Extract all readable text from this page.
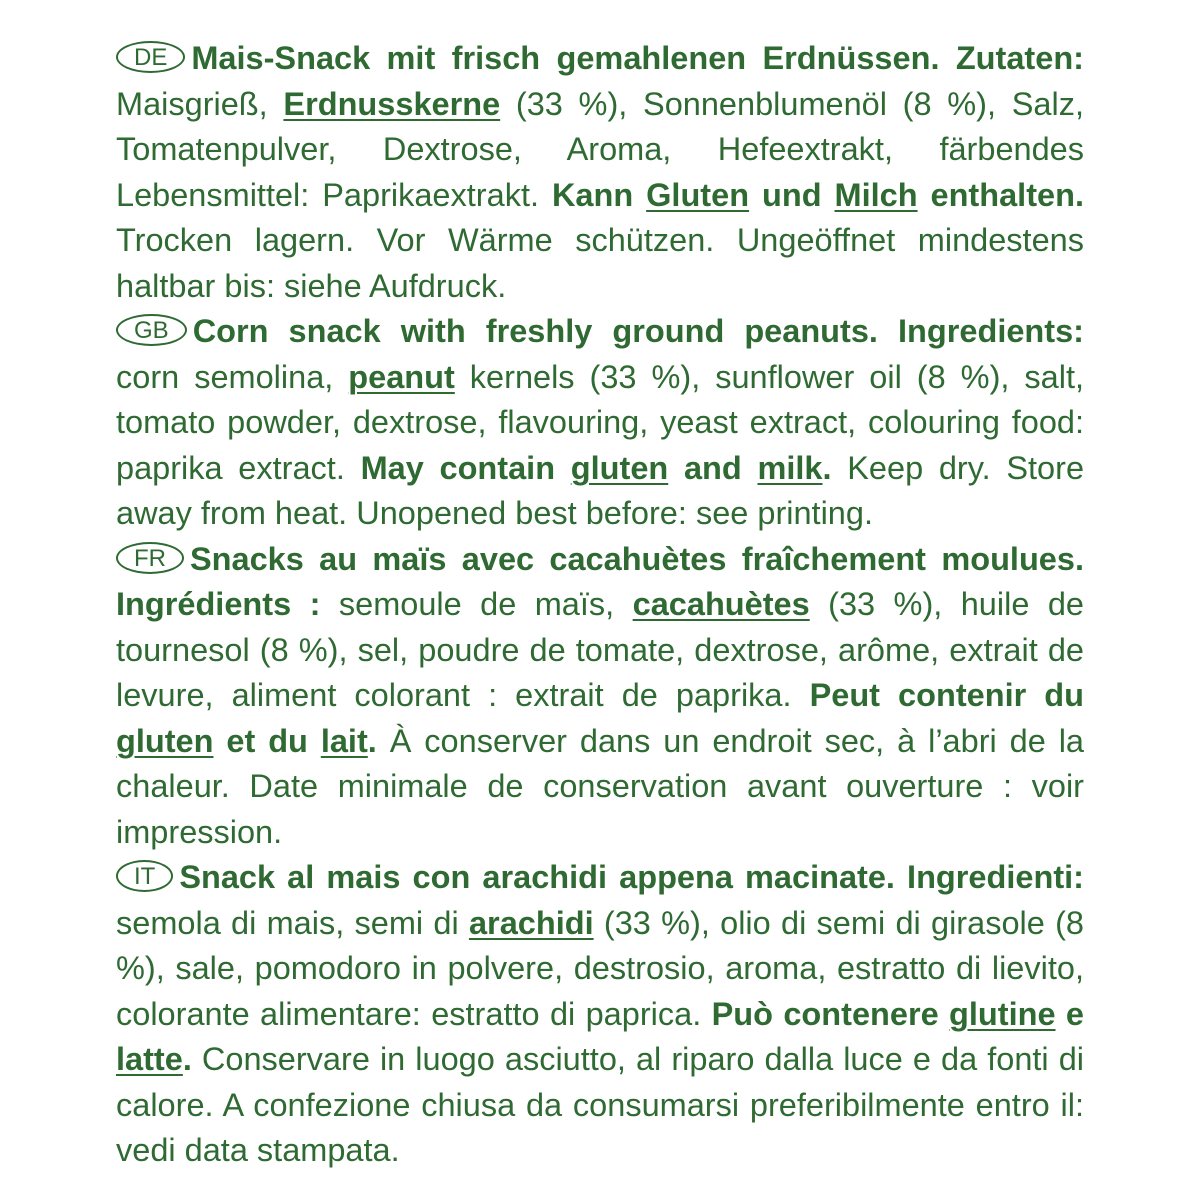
DE Mais-Snack mit frisch gemahlenen Erdnüssen. Zutaten: Maisgrieß, Erdnusskerne (33 %), Sonnenblumenöl (8 %), Salz, Tomatenpulver, Dextrose, Aroma, Hefeextrakt, färbendes Lebensmittel: Paprikaextrakt. Kann Gluten und Milch enthalten. Trocken lagern. Vor Wärme schützen. Ungeöffnet mindestens haltbar bis: siehe Aufdruck.

GB Corn snack with freshly ground peanuts. Ingredients: corn semolina, peanut kernels (33 %), sunflower oil (8 %), salt, tomato powder, dextrose, flavouring, yeast extract, colouring food: paprika extract. May contain gluten and milk. Keep dry. Store away from heat. Unopened best before: see printing.

FR Snacks au maïs avec cacahuètes fraîchement moulues. Ingrédients : semoule de maïs, cacahuètes (33 %), huile de tournesol (8 %), sel, poudre de tomate, dextrose, arôme, extrait de levure, aliment colorant : extrait de paprika. Peut contenir du gluten et du lait. À conserver dans un endroit sec, à l’abri de la chaleur. Date minimale de conservation avant ouverture : voir impression.

IT Snack al mais con arachidi appena macinate. Ingredienti: semola di mais, semi di arachidi (33 %), olio di semi di girasole (8 %), sale, pomodoro in polvere, destrosio, aroma, estratto di lievito, colorante alimentare: estratto di paprica. Può contenere glutine e latte. Conservare in luogo asciutto, al riparo dalla luce e da fonti di calore. A confezione chiusa da consumarsi preferibilmente entro il: vedi data stampata.
